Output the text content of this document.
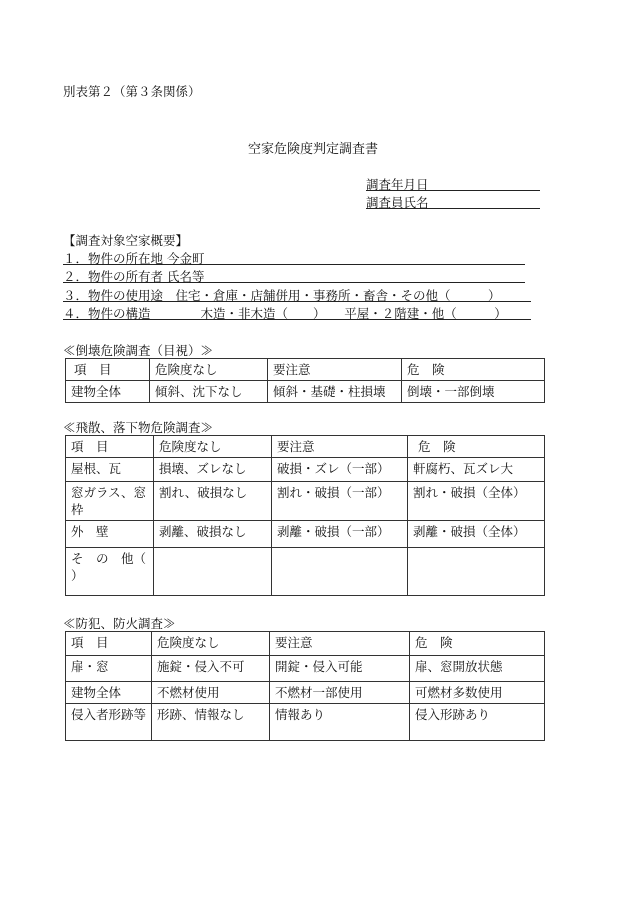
別表第２（第３条関係）
空家危険度判定調査書
調査年月日
調査員氏名
【調査対象空家概要】
１．物件の所在地 今金町
２．物件の所有者 氏名等
３．物件の使用途　住宅・倉庫・店舗併用・事務所・畜舎・その他（　　　）
４．物件の構造　　　　木造・非木造（　　）　　平屋・２階建・他（　　　）
≪倒壊危険調査（目視）≫
項　目	危険度なし	要注意	危　険
建物全体	傾斜、沈下なし	傾斜・基礎・柱損壊	倒壊・一部倒壊
≪飛散、落下物危険調査≫
項　目	危険度なし	要注意	危　険
屋根、瓦	損壊、ズレなし	破損・ズレ（一部）	軒腐朽、瓦ズレ大
窓ガラス、窓枠	割れ、破損なし	割れ・破損（一部）	割れ・破損（全体）
外　壁	剥離、破損なし	剥離・破損（一部）	剥離・破損（全体）
そ　の　他（　　）			
≪防犯、防火調査≫
項　目	危険度なし	要注意	危　険
扉・窓	施錠・侵入不可	開錠・侵入可能	扉、窓開放状態
建物全体	不燃材使用	不燃材一部使用	可燃材多数使用
侵入者形跡等	形跡、情報なし	情報あり	侵入形跡あり
